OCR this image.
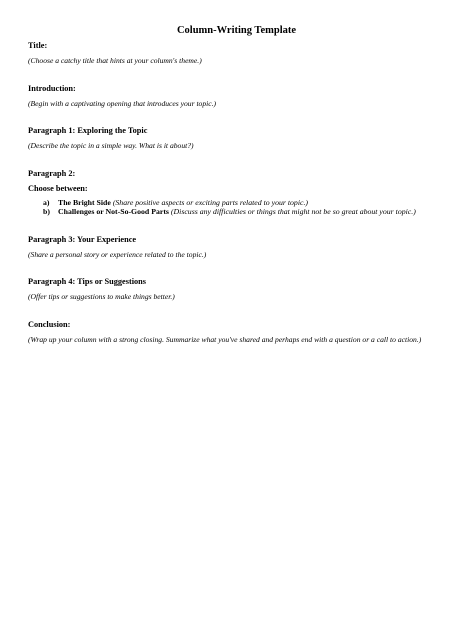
Column-Writing Template

Title:

(Choose a catchy title that hints at your column's theme.)

Introduction:

(Begin with a captivating opening that introduces your topic.)

Paragraph 1: Exploring the Topic

(Describe the topic in a simple way. What is it about?)

Paragraph 2:

Choose between:

a) The Bright Side (Share positive aspects or exciting parts related to your topic.)
b) Challenges or Not-So-Good Parts (Discuss any difficulties or things that might not be so great about your topic.)

Paragraph 3: Your Experience

(Share a personal story or experience related to the topic.)

Paragraph 4: Tips or Suggestions

(Offer tips or suggestions to make things better.)

Conclusion:

(Wrap up your column with a strong closing. Summarize what you've shared and perhaps end with a question or a call to action.)
